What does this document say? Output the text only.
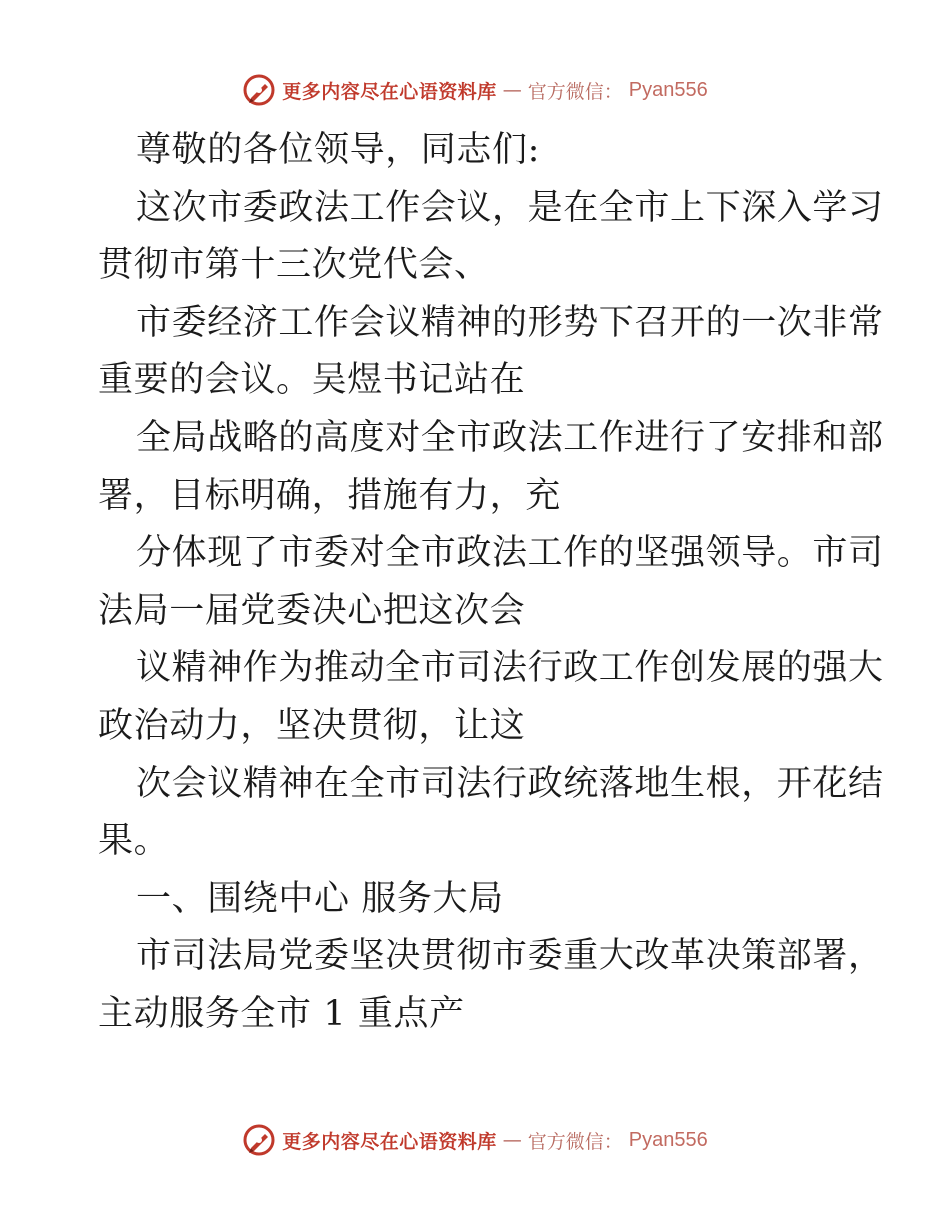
更多内容尽在心语资料库 — 官方微信： Pyan556
尊敬的各位领导，同志们:
这次市委政法工作会议，是在全市上下深入学习
贯彻市第十三次党代会、
市委经济工作会议精神的形势下召开的一次非常
重要的会议。吴煜书记站在
全局战略的高度对全市政法工作进行了安排和部
署，目标明确，措施有力，充
分体现了市委对全市政法工作的坚强领导。市司
法局一届党委决心把这次会
议精神作为推动全市司法行政工作创发展的强大
政治动力，坚决贯彻，让这
次会议精神在全市司法行政统落地生根，开花结
果。
一、围绕中心 服务大局
市司法局党委坚决贯彻市委重大改革决策部署，
主动服务全市 1 重点产
更多内容尽在心语资料库 — 官方微信： Pyan556
